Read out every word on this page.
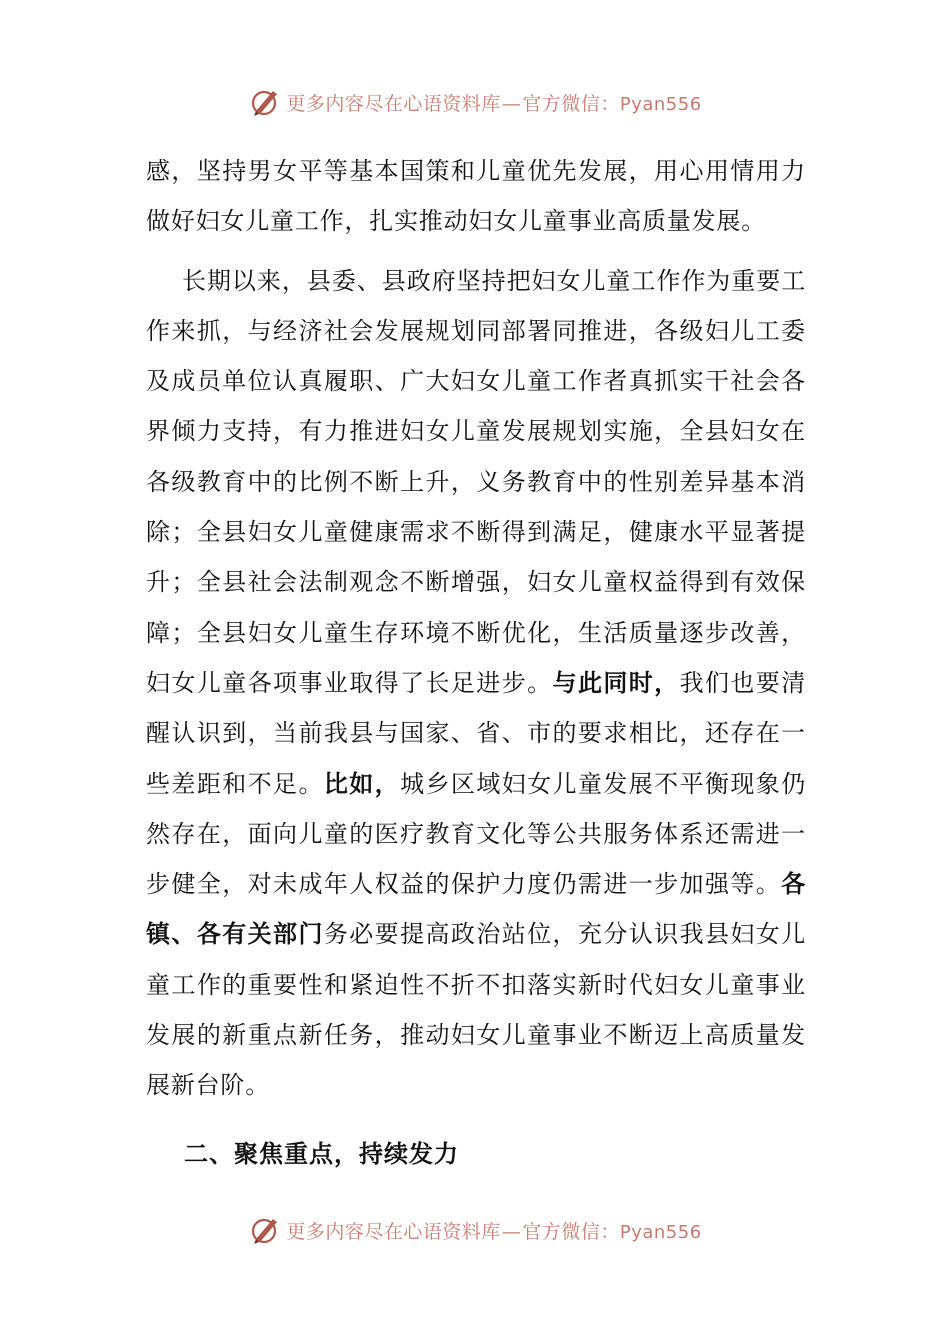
更多内容尽在心语资料库—官方微信：Pyan556

感，坚持男女平等基本国策和儿童优先发展，用心用情用力做好妇女儿童工作，扎实推动妇女儿童事业高质量发展。

长期以来，县委、县政府坚持把妇女儿童工作作为重要工作来抓，与经济社会发展规划同部署同推进，各级妇儿工委及成员单位认真履职、广大妇女儿童工作者真抓实干社会各界倾力支持，有力推进妇女儿童发展规划实施，全县妇女在各级教育中的比例不断上升，义务教育中的性别差异基本消除；全县妇女儿童健康需求不断得到满足，健康水平显著提升；全县社会法制观念不断增强，妇女儿童权益得到有效保障；全县妇女儿童生存环境不断优化，生活质量逐步改善，妇女儿童各项事业取得了长足进步。与此同时，我们也要清醒认识到，当前我县与国家、省、市的要求相比，还存在一些差距和不足。比如，城乡区域妇女儿童发展不平衡现象仍然存在，面向儿童的医疗教育文化等公共服务体系还需进一步健全，对未成年人权益的保护力度仍需进一步加强等。各镇、各有关部门务必要提高政治站位，充分认识我县妇女儿童工作的重要性和紧迫性不折不扣落实新时代妇女儿童事业发展的新重点新任务，推动妇女儿童事业不断迈上高质量发展新台阶。

二、聚焦重点，持续发力

更多内容尽在心语资料库—官方微信：Pyan556
